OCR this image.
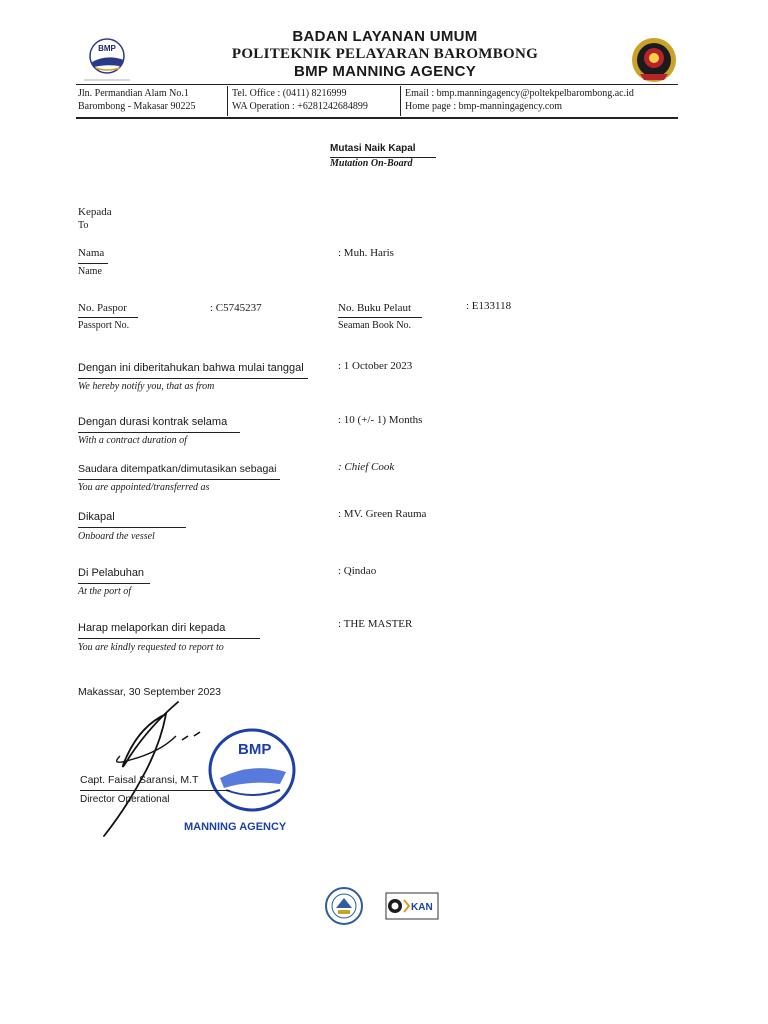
BMP
BADAN LAYANAN UMUM
POLITEKNIK PELAYARAN BAROMBONG
BMP MANNING AGENCY
Jln. Permandian Alam No.1
Barombong - Makasar 90225
Tel. Office : (0411) 8216999
WA Operation : +6281242684899
Email : bmp.manningagency@poltekpelbarombong.ac.id
Home page : bmp-manningagency.com
Mutasi Naik Kapal
Mutation On-Board
Kepada
To
Nama
Name
: Muh. Haris
No. Paspor
Passport No.
: C5745237	No. Buku Pelaut
Seaman Book No.
: E133118
Dengan ini diberitahukan bahwa mulai tanggal
We hereby notify you, that as from
: 1 October 2023
Dengan durasi kontrak selama
With a contract duration of
: 10 (+/- 1) Months
Saudara ditempatkan/dimutasikan sebagai
You are appointed/transferred as
: Chief Cook
Dikapal
Onboard the vessel
: MV. Green Rauma
Di Pelabuhan
At the port of
: Qindao
Harap melaporkan diri kepada
You are kindly requested to report to
: THE MASTER
Makassar, 30 September 2023
BMP
MANNING AGENCY
Capt. Faisal Saransi, M.T
Director Operational
KAN
